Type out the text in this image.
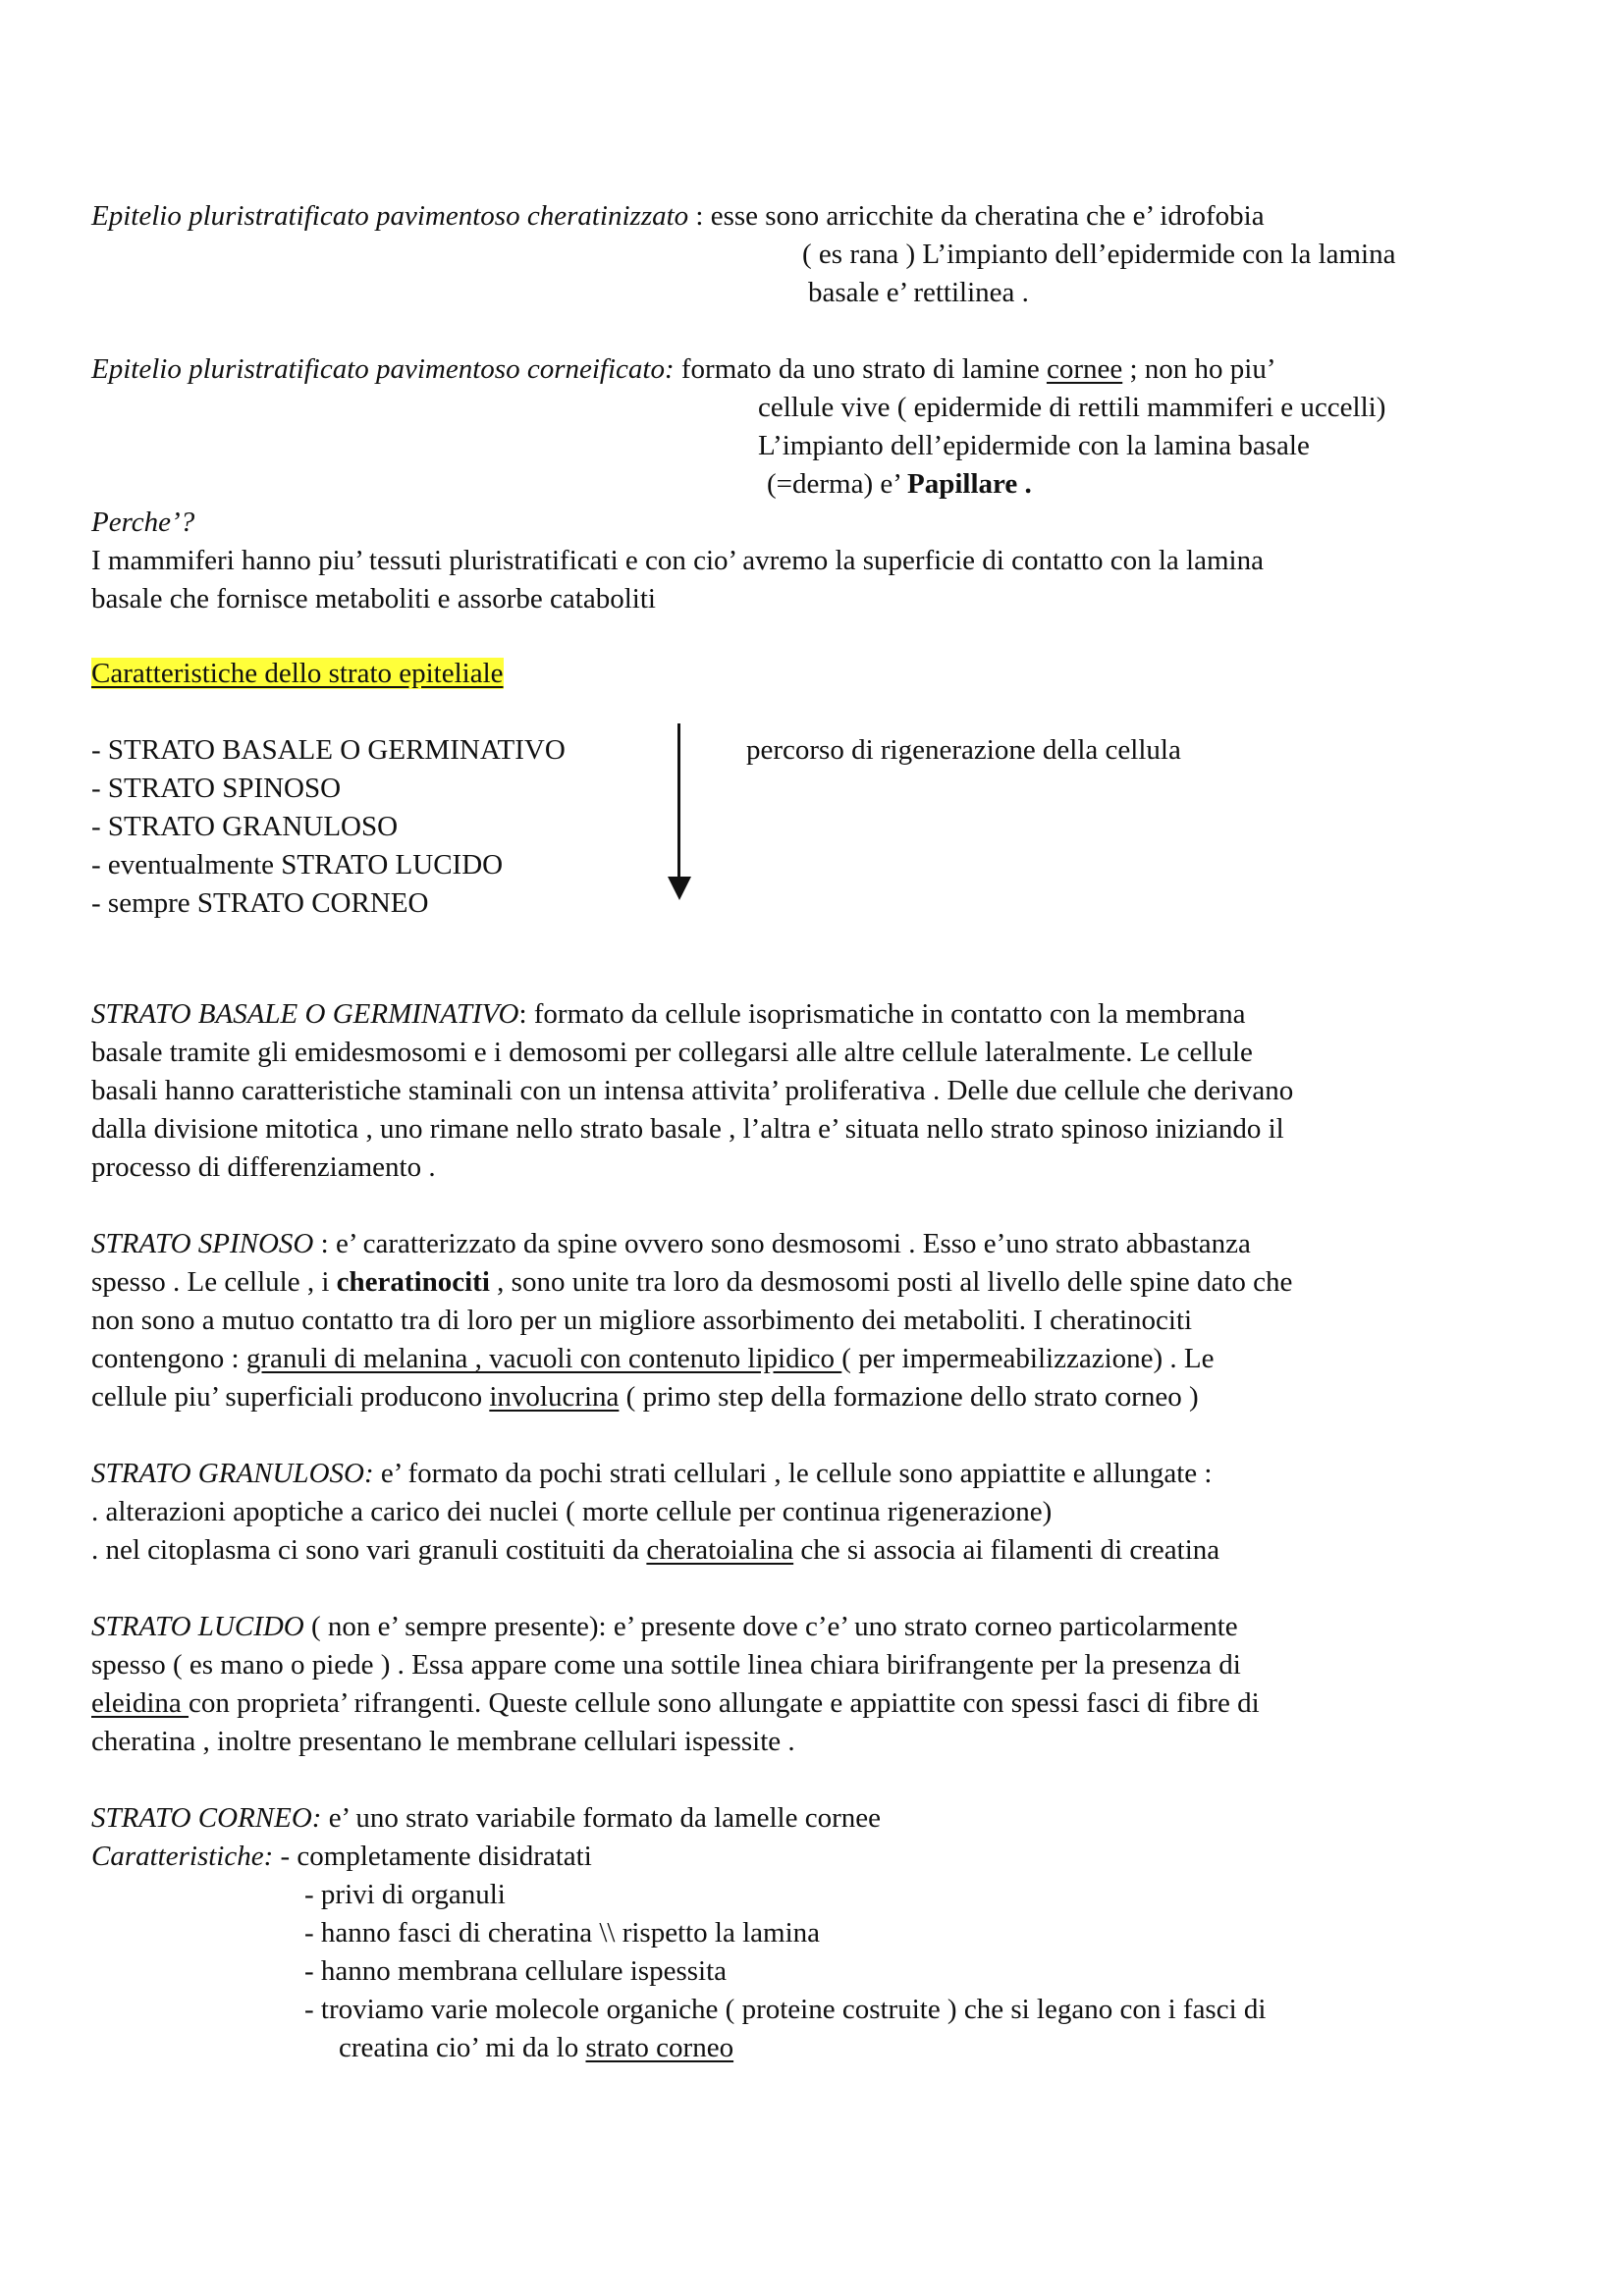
Epitelio pluristratificato pavimentoso cheratinizzato : esse sono arricchite da cheratina che e’ idrofobia
( es rana ) L’impianto dell’epidermide con la lamina
basale e’ rettilinea .
Epitelio pluristratificato pavimentoso corneificato: formato da uno strato di lamine cornee ; non ho piu’
cellule vive ( epidermide di rettili mammiferi e uccelli)
L’impianto dell’epidermide con la lamina basale
(=derma) e’ Papillare .
Perche’?
I mammiferi hanno piu’ tessuti pluristratificati e con cio’ avremo la superficie di contatto con la lamina
basale che fornisce metaboliti e assorbe cataboliti
Caratteristiche dello strato epiteliale
- STRATO BASALE O GERMINATIVO
- STRATO SPINOSO
- STRATO GRANULOSO
- eventualmente STRATO LUCIDO
- sempre STRATO CORNEO
percorso di rigenerazione della cellula
STRATO BASALE O GERMINATIVO: formato da cellule isoprismatiche in contatto con la membrana
basale tramite gli emidesmosomi e i demosomi per collegarsi alle altre cellule lateralmente. Le cellule
basali hanno caratteristiche staminali con un intensa attivita’ proliferativa . Delle due cellule che derivano
dalla divisione mitotica , uno rimane nello strato basale , l’altra e’ situata nello strato spinoso iniziando il
processo di differenziamento .
STRATO SPINOSO : e’ caratterizzato da spine ovvero sono desmosomi . Esso e’uno strato abbastanza
spesso . Le cellule , i cheratinociti , sono unite tra loro da desmosomi posti al livello delle spine dato che
non sono a mutuo contatto tra di loro per un migliore assorbimento dei metaboliti. I cheratinociti
contengono : granuli di melanina , vacuoli con contenuto lipidico ( per impermeabilizzazione) . Le
cellule piu’ superficiali producono involucrina ( primo step della formazione dello strato corneo )
STRATO GRANULOSO: e’ formato da pochi strati cellulari , le cellule sono appiattite e allungate :
. alterazioni apoptiche a carico dei nuclei ( morte cellule per continua rigenerazione)
. nel citoplasma ci sono vari granuli costituiti da cheratoialina che si associa ai filamenti di creatina
STRATO LUCIDO ( non e’ sempre presente): e’ presente dove c’e’ uno strato corneo particolarmente
spesso ( es mano o piede ) . Essa appare come una sottile linea chiara birifrangente per la presenza di
eleidina con proprieta’ rifrangenti. Queste cellule sono allungate e appiattite con spessi fasci di fibre di
cheratina , inoltre presentano le membrane cellulari ispessite .
STRATO CORNEO: e’ uno strato variabile formato da lamelle cornee
Caratteristiche: - completamente disidratati
- privi di organuli
- hanno fasci di cheratina \\ rispetto la lamina
- hanno membrana cellulare ispessita
- troviamo varie molecole organiche ( proteine costruite ) che si legano con i fasci di
creatina cio’ mi da lo strato corneo
